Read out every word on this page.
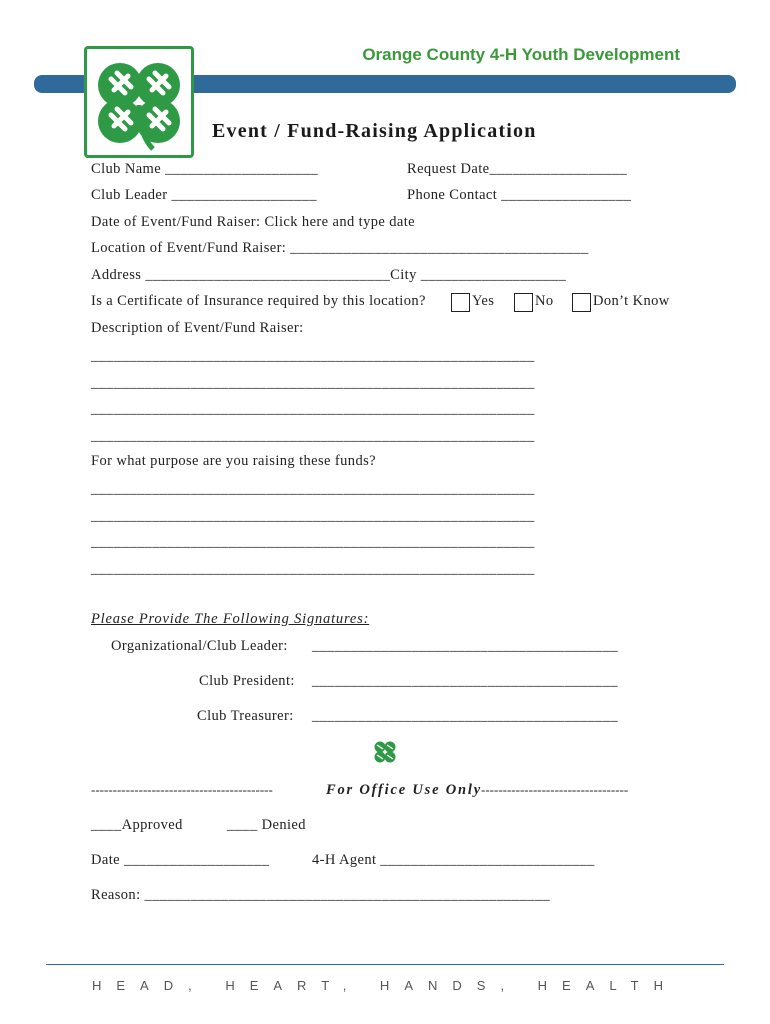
Orange County 4-H Youth Development
Event / Fund-Raising Application
Club Name ____________________	Request Date__________________
Club Leader ___________________	Phone Contact _________________
Date of Event/Fund Raiser: Click here and type date
Location of Event/Fund Raiser: _______________________________________
Address ________________________________City ___________________
Is a Certificate of Insurance required by this location?	Yes	No	Don’t Know
Description of Event/Fund Raiser:
__________________________________________________________
__________________________________________________________
__________________________________________________________
__________________________________________________________
For what purpose are you raising these funds?
__________________________________________________________
__________________________________________________________
__________________________________________________________
__________________________________________________________
Please Provide The Following Signatures:
Organizational/Club Leader: ________________________________________
Club President: ________________________________________
Club Treasurer: ________________________________________
------------------------------------------	For Office Use Only ----------------------------------
____Approved	____ Denied
Date ___________________	4-H Agent ____________________________
Reason: _____________________________________________________
HEAD, HEART, HANDS, HEALTH
